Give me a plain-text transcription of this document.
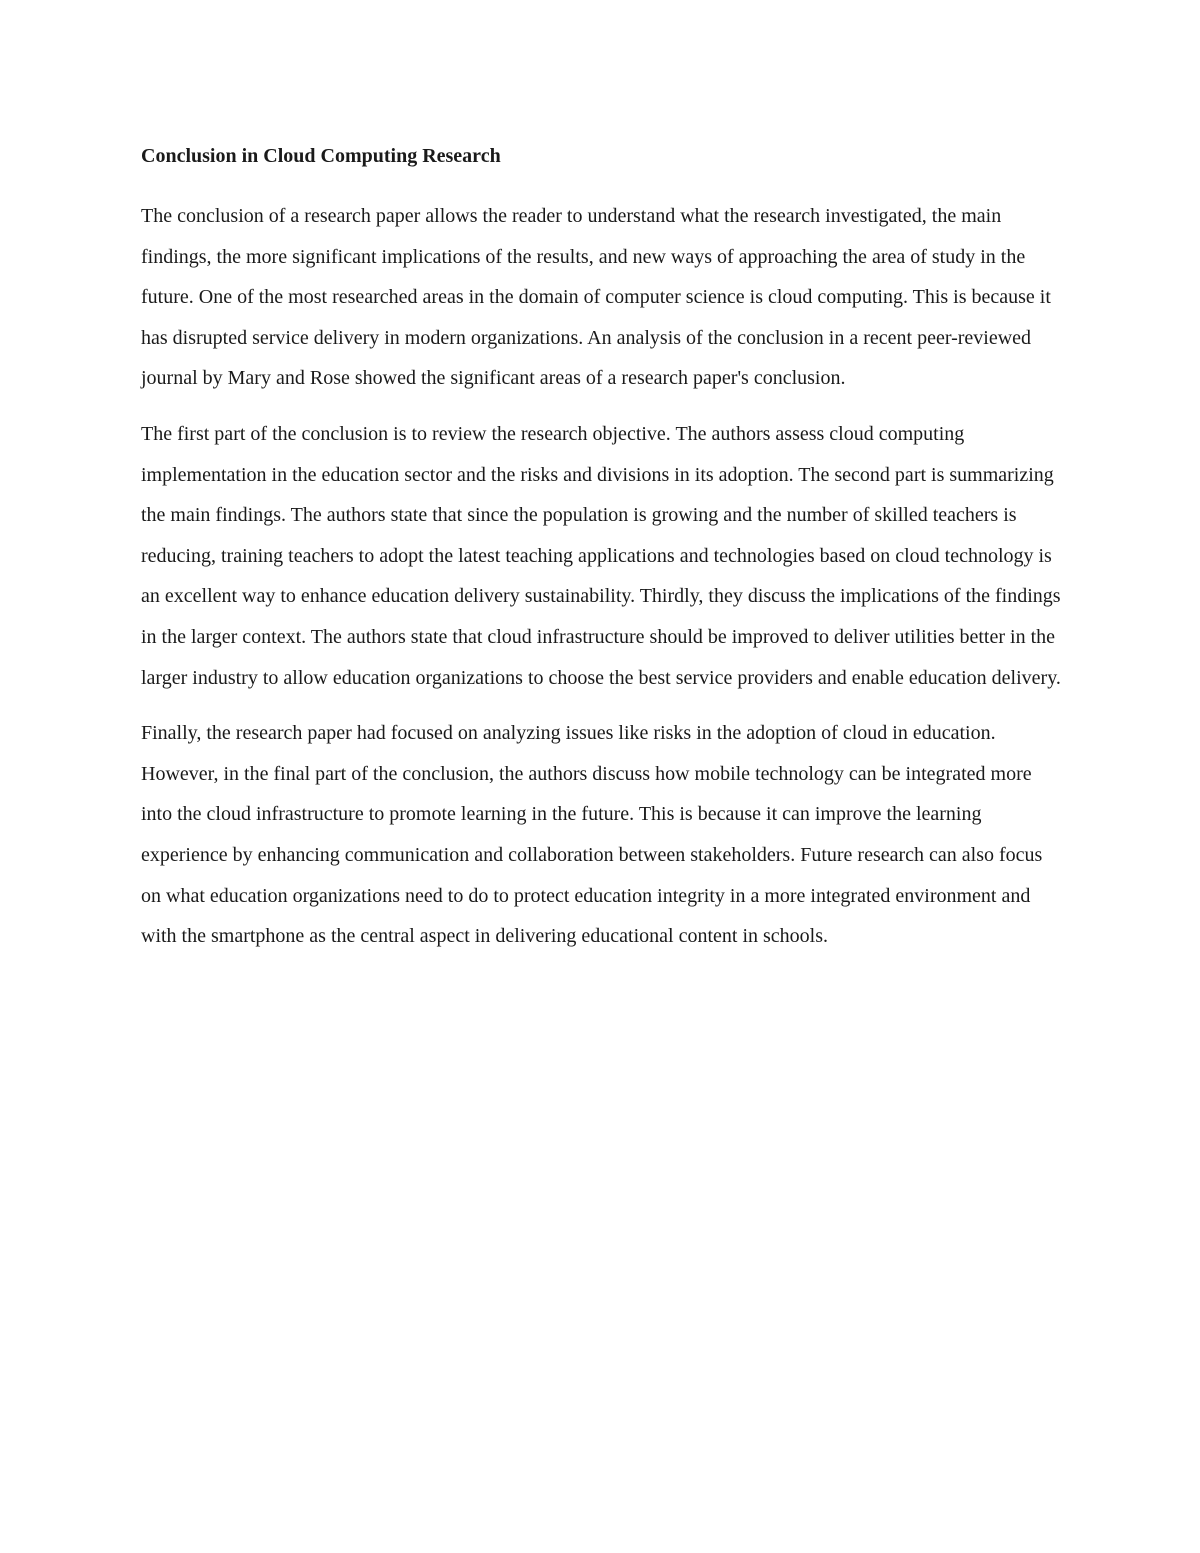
Conclusion in Cloud Computing Research

The conclusion of a research paper allows the reader to understand what the research investigated, the main findings, the more significant implications of the results, and new ways of approaching the area of study in the future. One of the most researched areas in the domain of computer science is cloud computing. This is because it has disrupted service delivery in modern organizations. An analysis of the conclusion in a recent peer-reviewed journal by Mary and Rose showed the significant areas of a research paper's conclusion.

The first part of the conclusion is to review the research objective. The authors assess cloud computing implementation in the education sector and the risks and divisions in its adoption. The second part is summarizing the main findings. The authors state that since the population is growing and the number of skilled teachers is reducing, training teachers to adopt the latest teaching applications and technologies based on cloud technology is an excellent way to enhance education delivery sustainability. Thirdly, they discuss the implications of the findings in the larger context. The authors state that cloud infrastructure should be improved to deliver utilities better in the larger industry to allow education organizations to choose the best service providers and enable education delivery.

Finally, the research paper had focused on analyzing issues like risks in the adoption of cloud in education. However, in the final part of the conclusion, the authors discuss how mobile technology can be integrated more into the cloud infrastructure to promote learning in the future. This is because it can improve the learning experience by enhancing communication and collaboration between stakeholders. Future research can also focus on what education organizations need to do to protect education integrity in a more integrated environment and with the smartphone as the central aspect in delivering educational content in schools.
